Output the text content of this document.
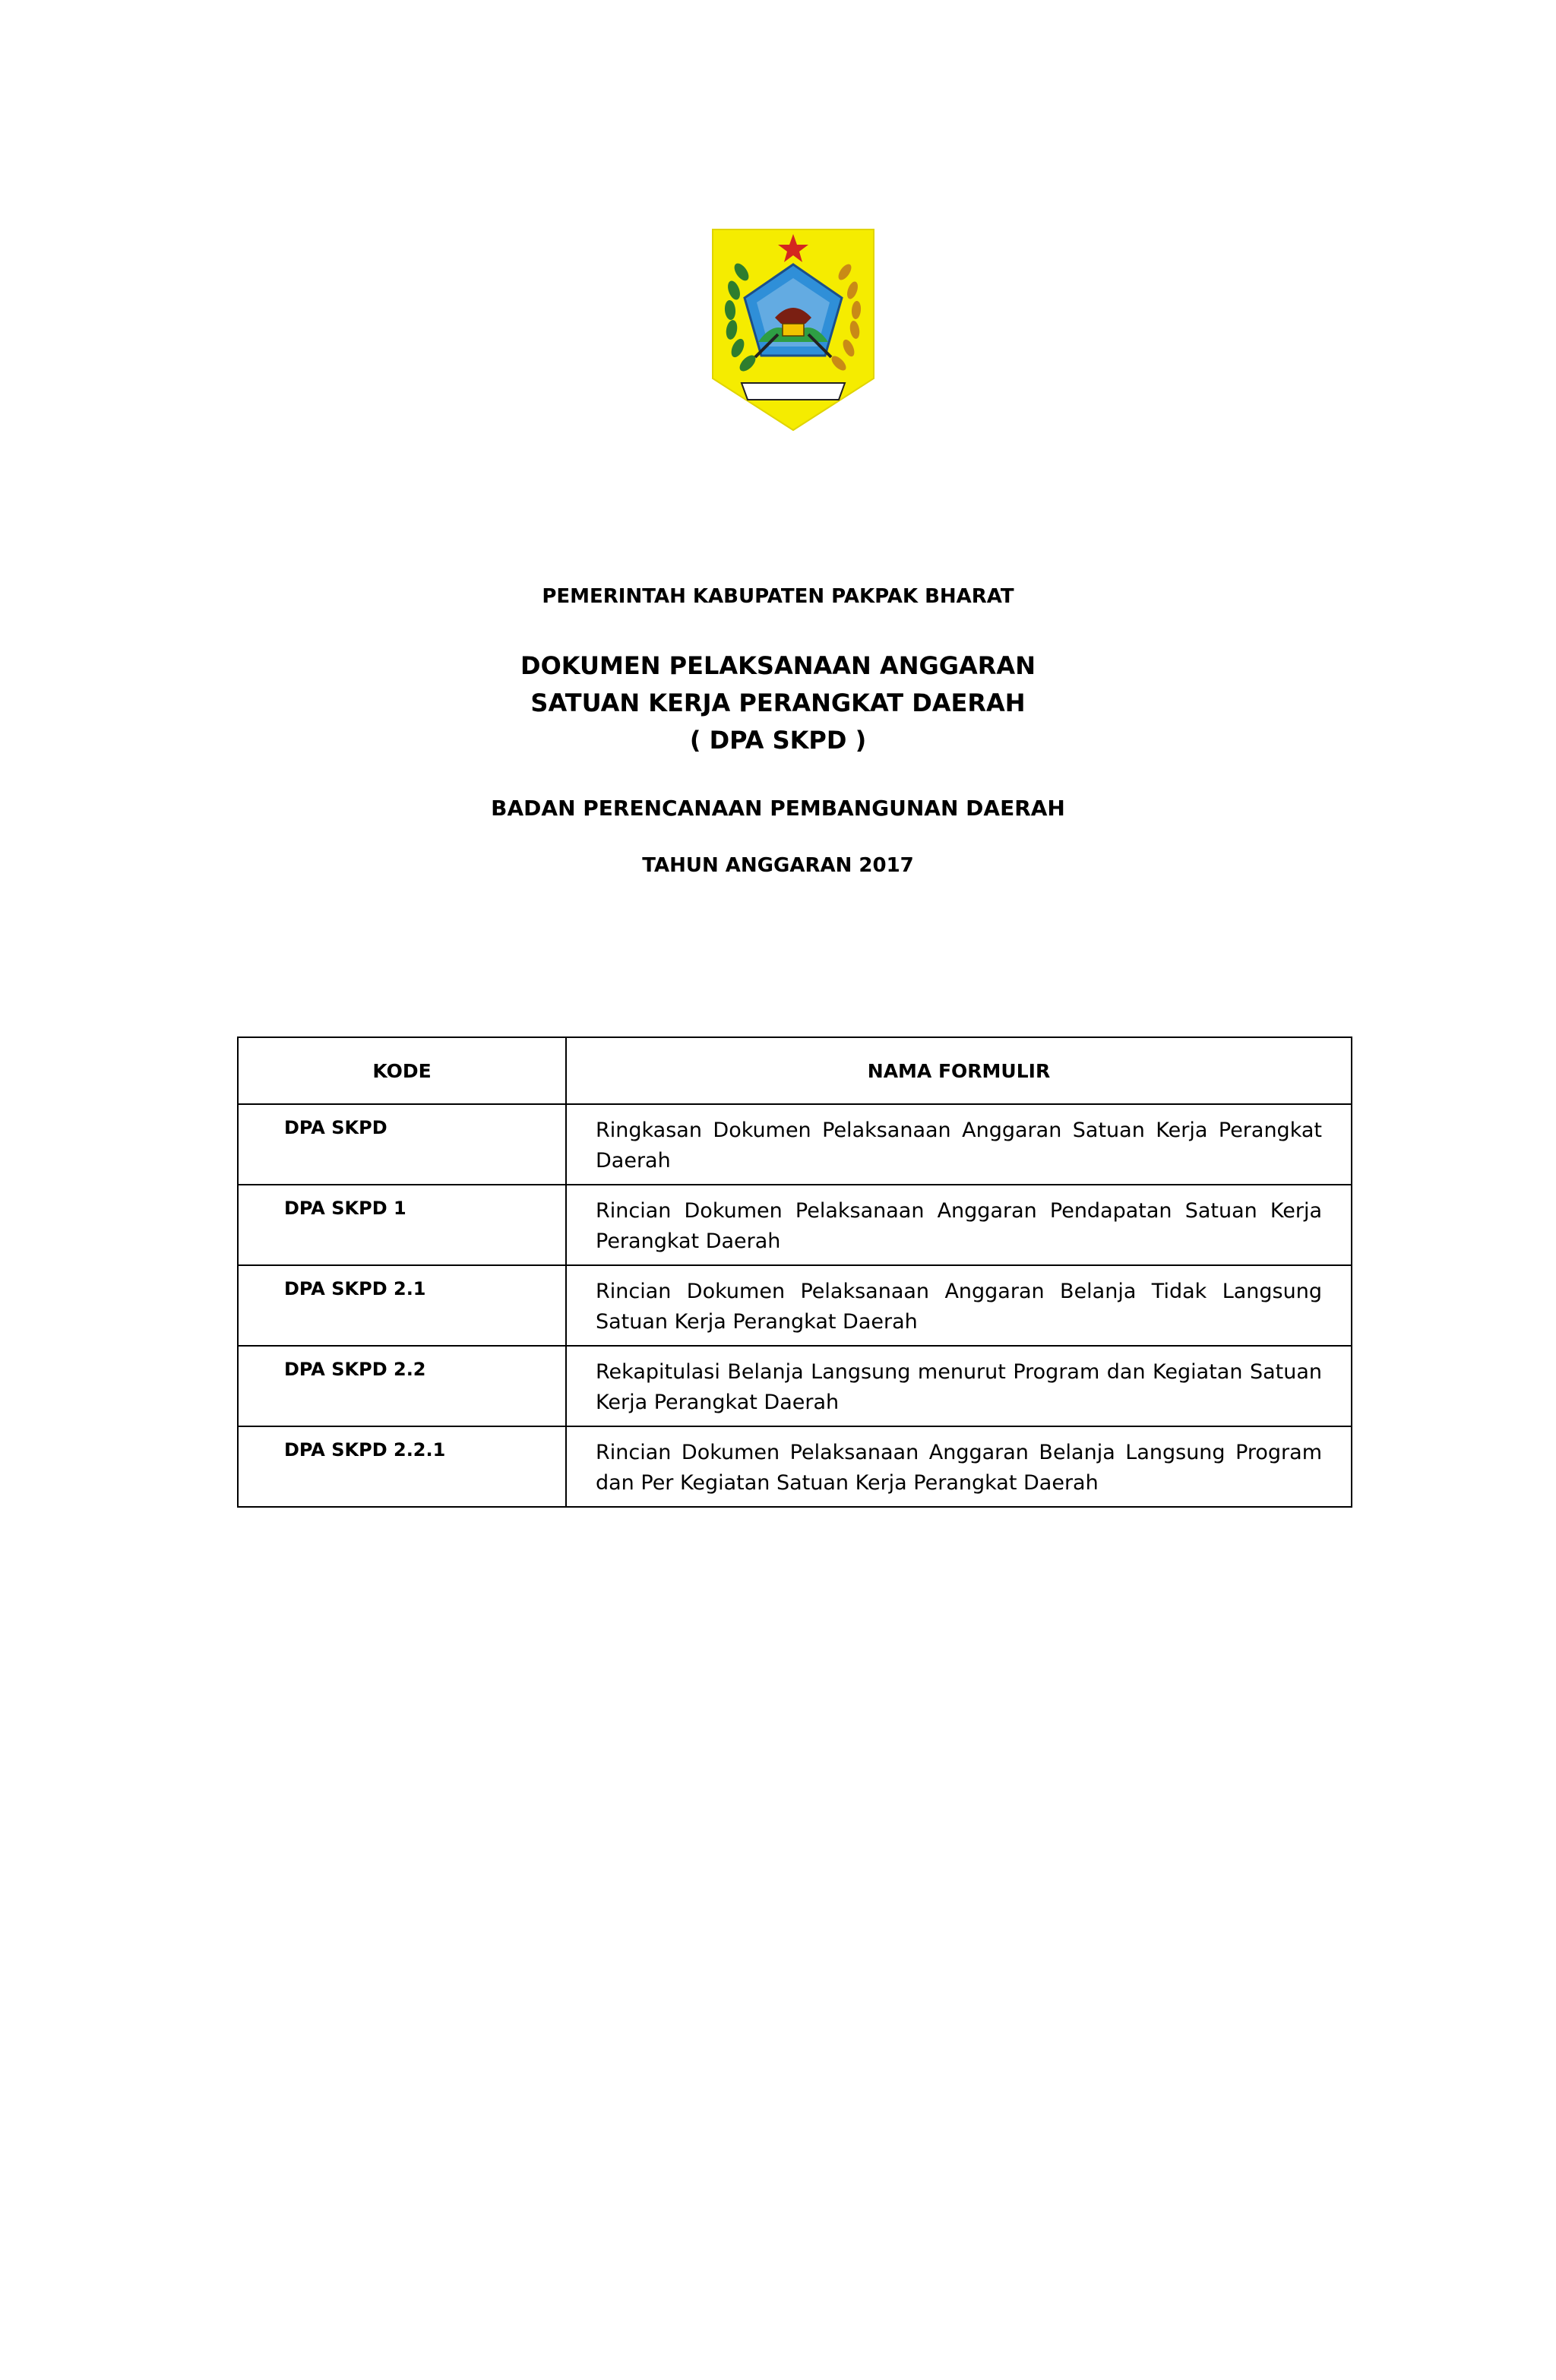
PEMERINTAH KABUPATEN PAKPAK BHARAT
DOKUMEN PELAKSANAAN ANGGARAN
SATUAN KERJA PERANGKAT DAERAH
( DPA SKPD )
BADAN PERENCANAAN PEMBANGUNAN DAERAH
TAHUN ANGGARAN 2017
KODE	NAMA FORMULIR
DPA SKPD	Ringkasan Dokumen Pelaksanaan Anggaran Satuan Kerja Perangkat Daerah
DPA SKPD 1	Rincian Dokumen Pelaksanaan Anggaran Pendapatan Satuan Kerja Perangkat Daerah
DPA SKPD 2.1	Rincian Dokumen Pelaksanaan Anggaran Belanja Tidak Langsung Satuan Kerja Perangkat Daerah
DPA SKPD 2.2	Rekapitulasi Belanja Langsung menurut Program dan Kegiatan Satuan Kerja Perangkat Daerah
DPA SKPD 2.2.1	Rincian Dokumen Pelaksanaan Anggaran Belanja Langsung Program dan Per Kegiatan Satuan Kerja Perangkat Daerah
